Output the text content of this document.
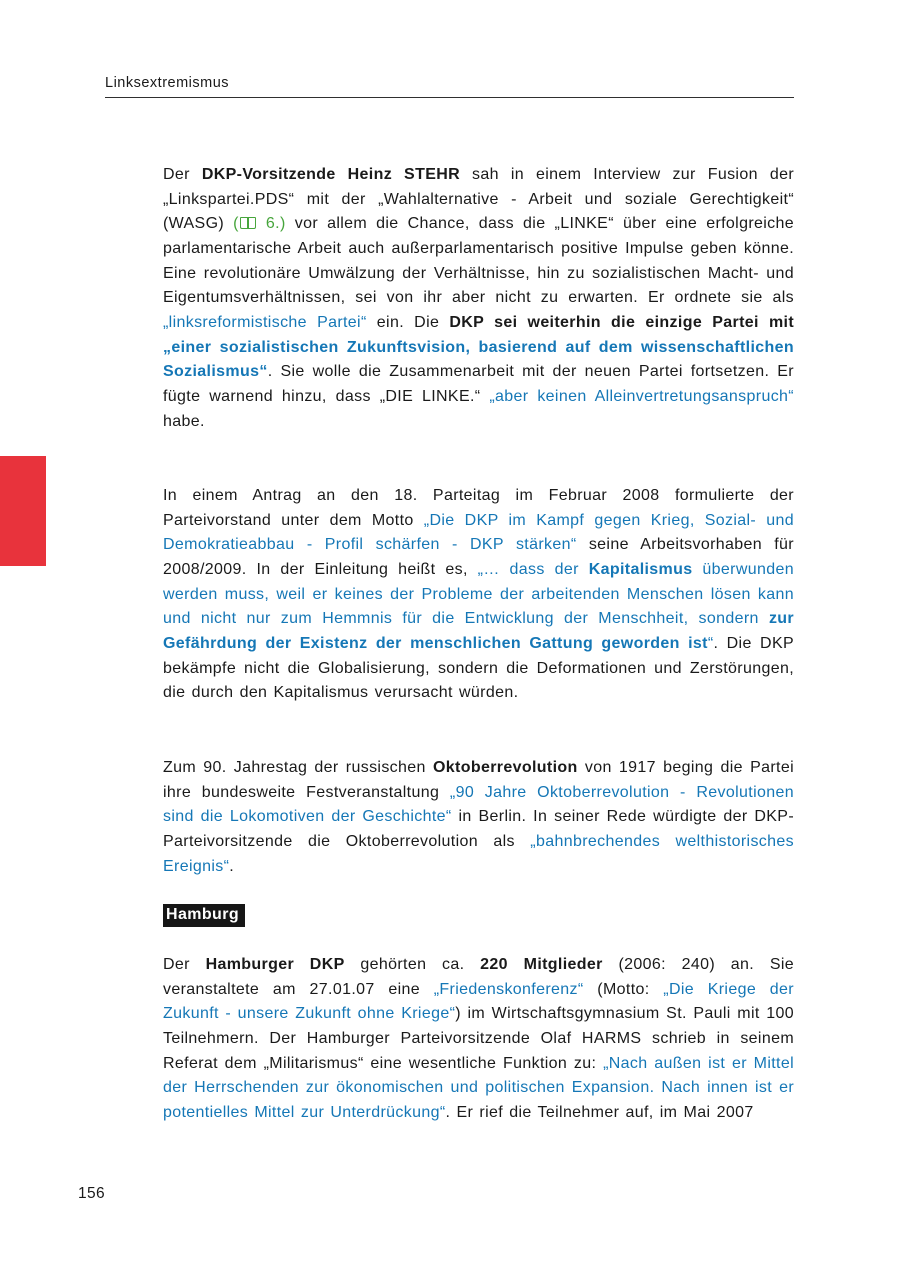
Linksextremismus

Der DKP-Vorsitzende Heinz STEHR sah in einem Interview zur Fusion der „Linkspartei.PDS“ mit der „Wahlalternative - Arbeit und soziale Gerechtigkeit“ (WASG) ( 6.) vor allem die Chance, dass die „LINKE“ über eine erfolgreiche parlamentarische Arbeit auch außerparlamentarisch positive Impulse geben könne. Eine revolutionäre Umwälzung der Verhältnisse, hin zu sozialistischen Macht- und Eigentumsverhältnissen, sei von ihr aber nicht zu erwarten. Er ordnete sie als „linksreformistische Partei“ ein. Die DKP sei weiterhin die einzige Partei mit „einer sozialistischen Zukunftsvision, basierend auf dem wissenschaftlichen Sozialismus“. Sie wolle die Zusammenarbeit mit der neuen Partei fortsetzen. Er fügte warnend hinzu, dass „DIE LINKE.“ „aber keinen Alleinvertretungsanspruch“ habe.

In einem Antrag an den 18. Parteitag im Februar 2008 formulierte der Parteivorstand unter dem Motto „Die DKP im Kampf gegen Krieg, Sozial- und Demokratieabbau - Profil schärfen - DKP stärken“ seine Arbeitsvorhaben für 2008/2009. In der Einleitung heißt es, „… dass der Kapitalismus überwunden werden muss, weil er keines der Probleme der arbeitenden Menschen lösen kann und nicht nur zum Hemmnis für die Entwicklung der Menschheit, sondern zur Gefährdung der Existenz der menschlichen Gattung geworden ist“. Die DKP bekämpfe nicht die Globalisierung, sondern die Deformationen und Zerstörungen, die durch den Kapitalismus verursacht würden.

Zum 90. Jahrestag der russischen Oktoberrevolution von 1917 beging die Partei ihre bundesweite Festveranstaltung „90 Jahre Oktoberrevolution - Revolutionen sind die Lokomotiven der Geschichte“ in Berlin. In seiner Rede würdigte der DKP-Parteivorsitzende die Oktoberrevolution als „bahnbrechendes welthistorisches Ereignis“.

Hamburg

Der Hamburger DKP gehörten ca. 220 Mitglieder (2006: 240) an. Sie veranstaltete am 27.01.07 eine „Friedenskonferenz“ (Motto: „Die Kriege der Zukunft - unsere Zukunft ohne Kriege“) im Wirtschaftsgymnasium St. Pauli mit 100 Teilnehmern. Der Hamburger Parteivorsitzende Olaf HARMS schrieb in seinem Referat dem „Militarismus“ eine wesentliche Funktion zu: „Nach außen ist er Mittel der Herrschenden zur ökonomischen und politischen Expansion. Nach innen ist er potentielles Mittel zur Unterdrückung“. Er rief die Teilnehmer auf, im Mai 2007

156
